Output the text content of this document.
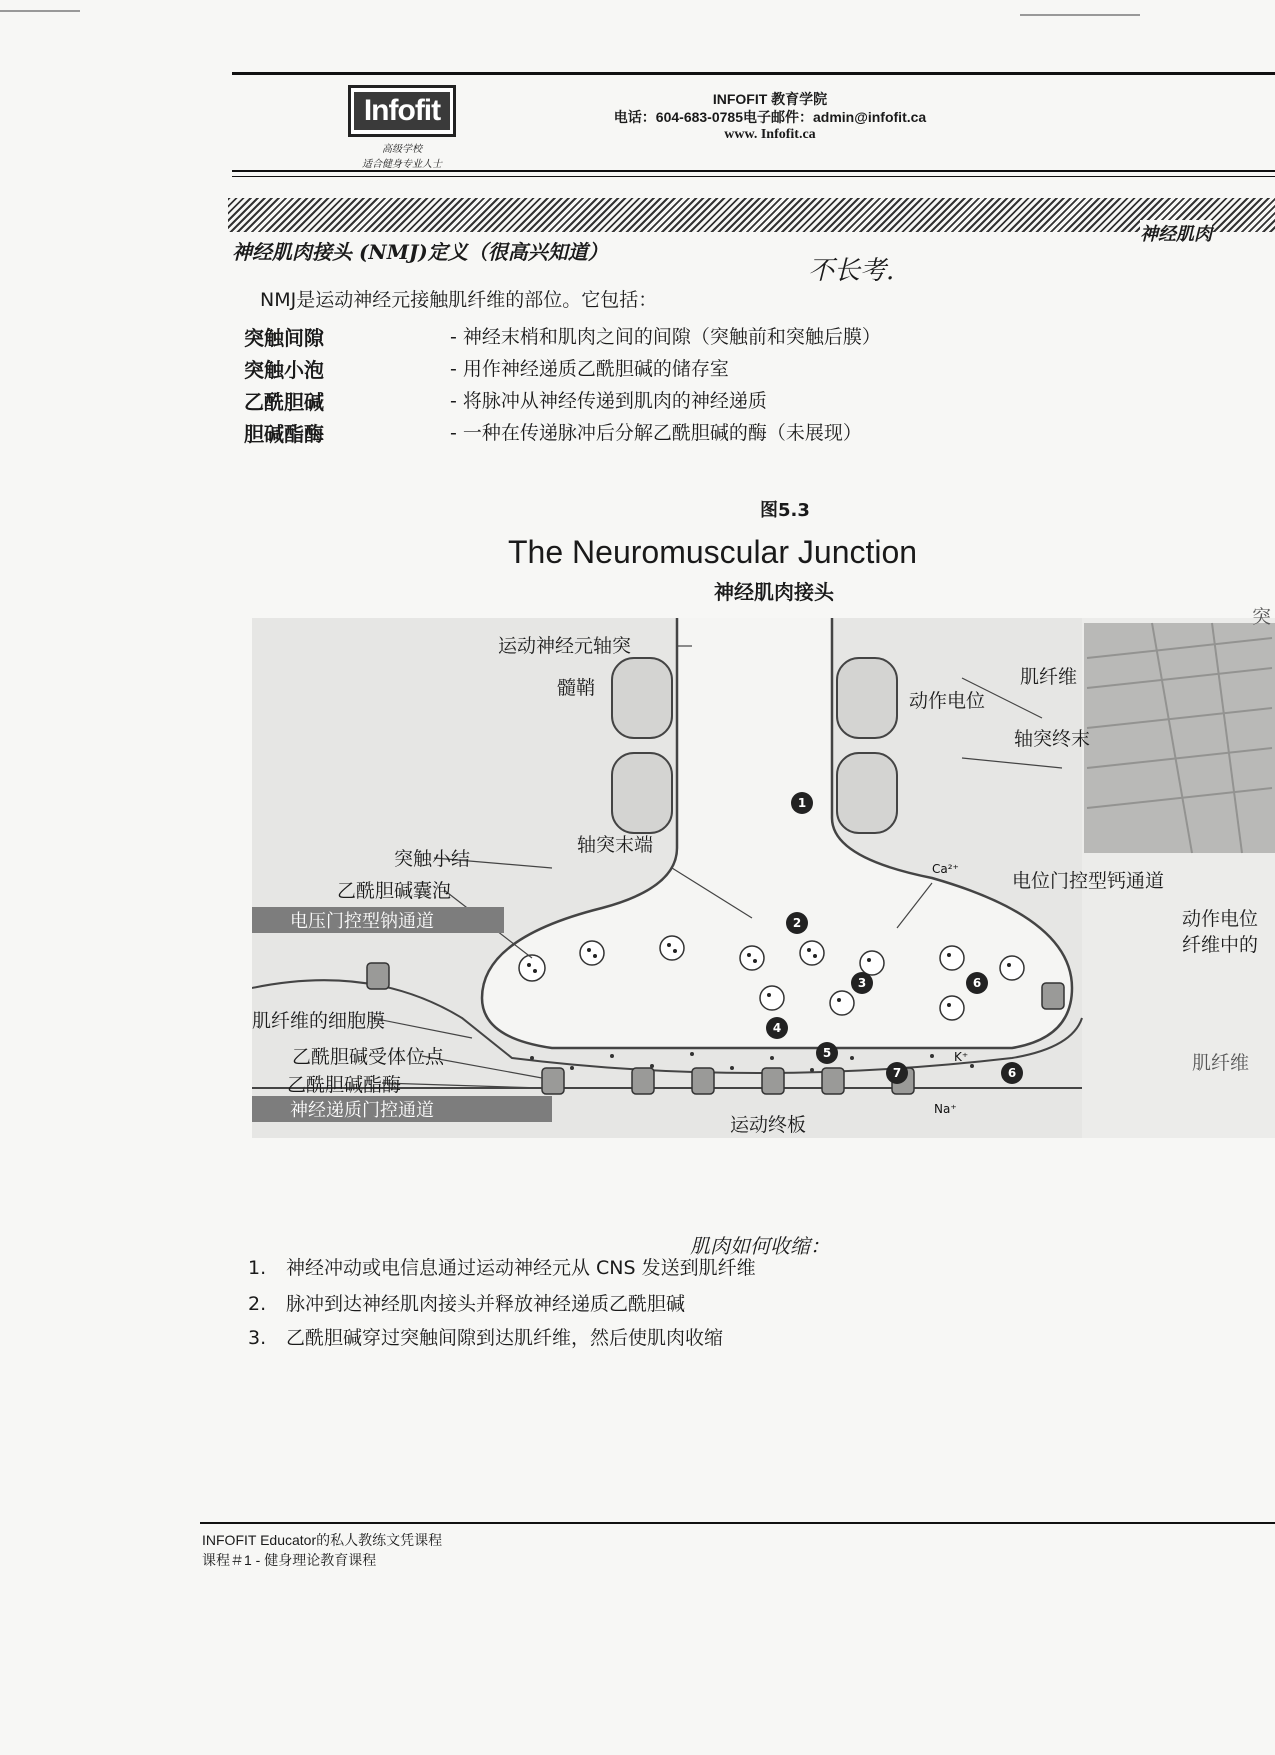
Infofit
高级学校
适合健身专业人士
INFOFIT 教育学院
电话：604-683-0785电子邮件：admin@infofit.ca
www. Infofit.ca
神经肌肉接头 (NMJ)定义（很高兴知道）
神经肌肉
不长考.
NMJ是运动神经元接触肌纤维的部位。它包括：
突触间隙	- 神经末梢和肌肉之间的间隙（突触前和突触后膜）
突触小泡	- 用作神经递质乙酰胆碱的储存室
乙酰胆碱	- 将脉冲从神经传递到肌肉的神经递质
胆碱酯酶	- 一种在传递脉冲后分解乙酰胆碱的酶（未展现）
图5.3
The Neuromuscular Junction
神经肌肉接头
1
2
3
4
5
6
6
7
Ca²⁺
K⁺
Na⁺
运动神经元轴突
髓鞘
动作电位
肌纤维
轴突终末
轴突末端
突触小结
乙酰胆碱囊泡
电压门控型钠通道
电位门控型钙通道
肌纤维的细胞膜
乙酰胆碱受体位点
乙酰胆碱酯酶
神经递质门控通道
运动终板
动作电位
纤维中的
肌纤维
突
肌肉如何收缩：
1. 神经冲动或电信息通过运动神经元从 CNS 发送到肌纤维
2. 脉冲到达神经肌肉接头并释放神经递质乙酰胆碱
3. 乙酰胆碱穿过突触间隙到达肌纤维，然后使肌肉收缩
INFOFIT Educator的私人教练文凭课程
课程＃1 - 健身理论教育课程
